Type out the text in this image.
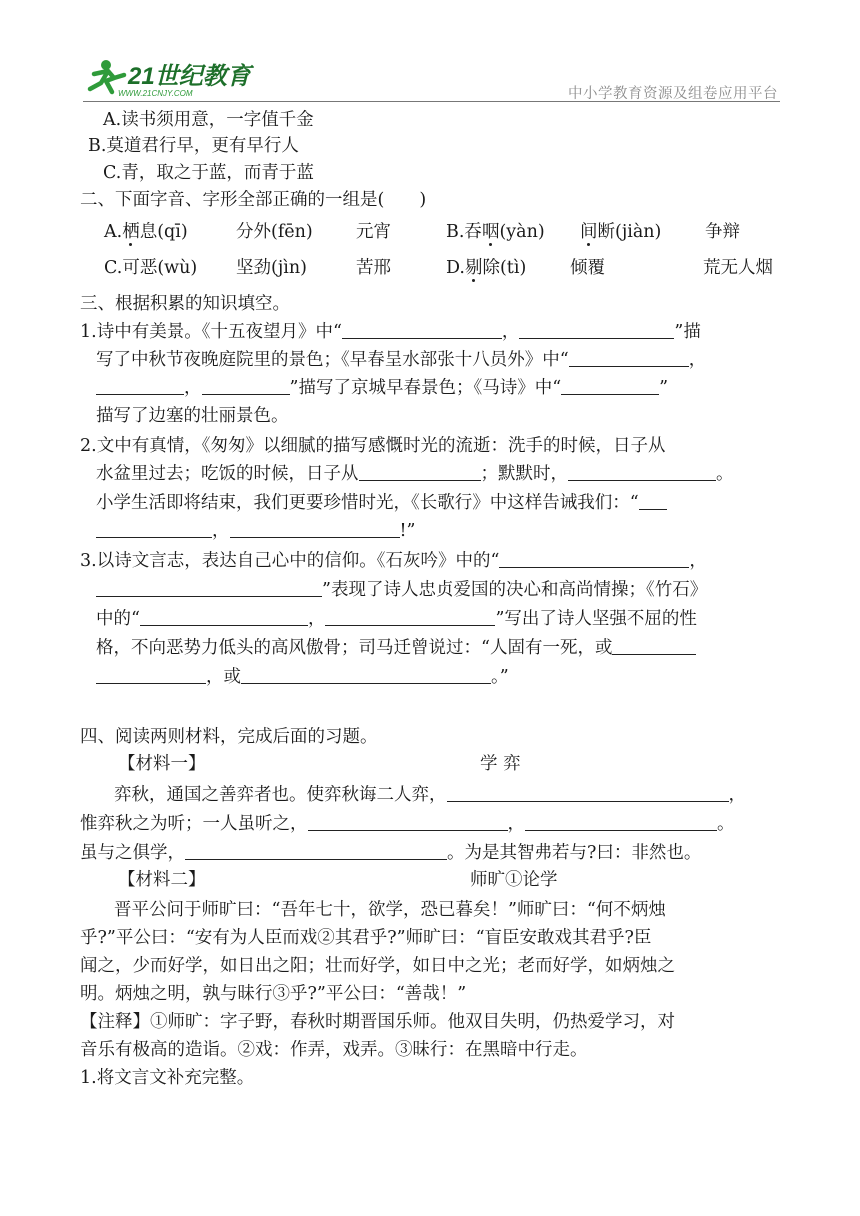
21世纪教育
WWW.21CNJY.COM	中小学教育资源及组卷应用平台
A.读书须用意，一字值千金
B.莫道君行早，更有早行人
C.青，取之于蓝，而青于蓝
二、下面字音、字形全部正确的一组是(　　)
A.栖息(qī)	分外(fēn) 元宵	B.吞咽(yàn) 间断(jiàn) 争辩
C.可恶(wù) 坚劲(jìn)	苦邢	D.剔除(tì) 倾覆	荒无人烟
三、根据积累的知识填空。
1.诗中有美景。《十五夜望月》中“	，	”描
写了中秋节夜晚庭院里的景色；《早春呈水部张十八员外》中“	，
，	”描写了京城早春景色；《马诗》中“	”
描写了边塞的壮丽景色。
2.文中有真情，《匆匆》以细腻的描写感慨时光的流逝：洗手的时候，日子从
水盆里过去；吃饭的时候，日子从	；默默时，	。
小学生活即将结束，我们更要珍惜时光，《长歌行》中这样告诫我们：“
，	!”
3.以诗文言志，表达自己心中的信仰。《石灰吟》中的“	，
”表现了诗人忠贞爱国的决心和高尚情操；《竹石》
中的“	，	”写出了诗人坚强不屈的性
格，不向恶势力低头的高风傲骨；司马迁曾说过：“人固有一死，或
，或	。”
四、阅读两则材料，完成后面的习题。
【材料一】	学 弈
弈秋，通国之善弈者也。使弈秋诲二人弈，	，
惟弈秋之为听；一人虽听之，	，	。
虽与之俱学，	。为是其智弗若与?曰：非然也。
【材料二】	师旷①论学
晋平公问于师旷曰：“吾年七十，欲学，恐已暮矣！”师旷曰：“何不炳烛
乎?”平公曰：“安有为人臣而戏②其君乎?”师旷曰：“盲臣安敢戏其君乎?臣
闻之，少而好学，如日出之阳；壮而好学，如日中之光；老而好学，如炳烛之
明。炳烛之明，孰与昧行③乎?”平公曰：“善哉！”
【注释】①师旷：字子野，春秋时期晋国乐师。他双目失明，仍热爱学习，对
音乐有极高的造诣。②戏：作弄，戏弄。③昧行：在黑暗中行走。
1.将文言文补充完整。
